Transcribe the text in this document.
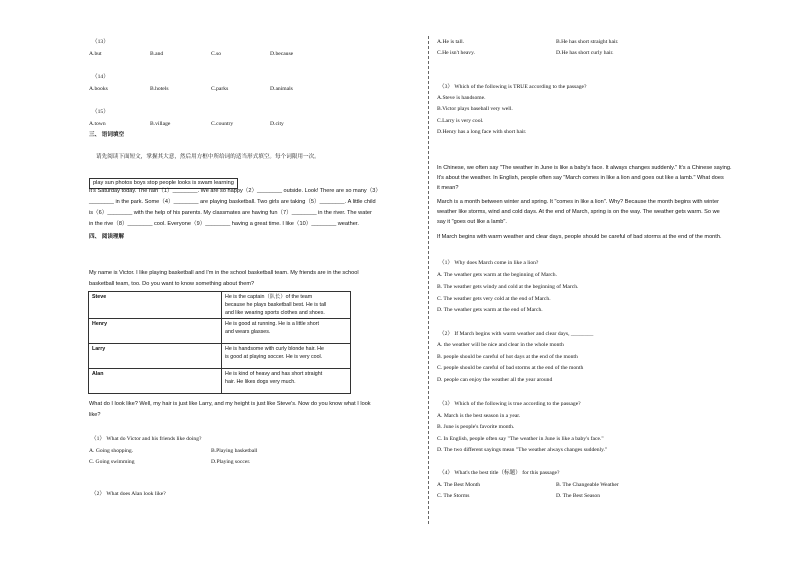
（13）
A.but	B.and	C.so	D.because
（14）
A.books	B.hotels	C.parks	D.animals
（15）
A.town	B.village	C.country	D.city
三、 语词填空
请先阅读下面短文，掌握其大意，然后用方框中所给词的适当形式填空。每个词限用一次。
play sun photos boys stop people looks is swam learning
It's Saturday today. The rain（1）________. We are so happy（2）________ outside. Look! There are so many（3）
________ in the park. Some（4）________ are playing basketball. Two girls are taking（5）________. A little child
is（6）________ with the help of his parents. My classmates are having fun（7）________ in the river. The water
in the rive（8）________ cool. Everyone（9）________ having a great time. I like（10）________ weather.
四、 阅读理解
My name is Victor. I like playing basketball and I'm in the school basketball team. My friends are in the school
basketball team, too. Do you want to know something about them?
Steve	He is the captain（队长）of the team
because he plays basketball best. He is tall
and like wearing sports clothes and shoes.

Henry	He is good at running. He is a little short
and wears glasses.

Larry	He is handsome with curly blonde hair. He
is good at playing soccer. He is very cool.

Alan	He is kind of heavy and has short straight
hair. He likes dogs very much.
What do I look like? Well, my hair is just like Larry, and my height is just like Steve's. Now do you know what I look
like?
（1） What do Victor and his friends like doing?
A. Going shopping.	B.Playing basketball
C. Going swimming	D.Playing soccer.
（2） What does Alan look like?
A.He is tall.	B.He has short straight hair.
C.He isn't heavy.	D.He has short curly hair.
（3） Which of the following is TRUE according to the passage?
A.Steve is handsome.
B.Victor plays baseball very well.
C.Larry is very cool.
D.Henry has a long face with short hair.
In Chinese, we often say "The weather in June is like a baby's face. It always changes suddenly." It's a Chinese saying.
It's about the weather. In English, people often say "March comes in like a lion and goes out like a lamb." What does
it mean?
March is a month between winter and spring. It "comes in like a lion". Why? Because the month begins with winter
weather like storms, wind and cold days. At the end of March, spring is on the way. The weather gets warm. So we
say it "goes out like a lamb".
If March begins with warm weather and clear days, people should be careful of bad storms at the end of the month.
（1） Why does March come in like a lion?
A. The weather gets warm at the beginning of March.
B. The weather gets windy and cold at the beginning of March.
C. The weather gets very cold at the end of March.
D. The weather gets warm at the end of March.
（2） If March begins with warm weather and clear days, ________
A. the weather will be nice and clear in the whole month
B. people should be careful of hot days at the end of the month
C. people should be careful of bad storms at the end of the month
D. people can enjoy the weather all the year around
（3） Which of the following is true according to the passage?
A. March is the best season in a year.
B. June is people's favorite month.
C. In English, people often say "The weather in June is like a baby's face."
D. The two different sayings mean "The weather always changes suddenly."
（4） What's the best title（标题） for this passage?
A. The Best Month	B. The Changeable Weather
C. The Storms	D. The Best Season
